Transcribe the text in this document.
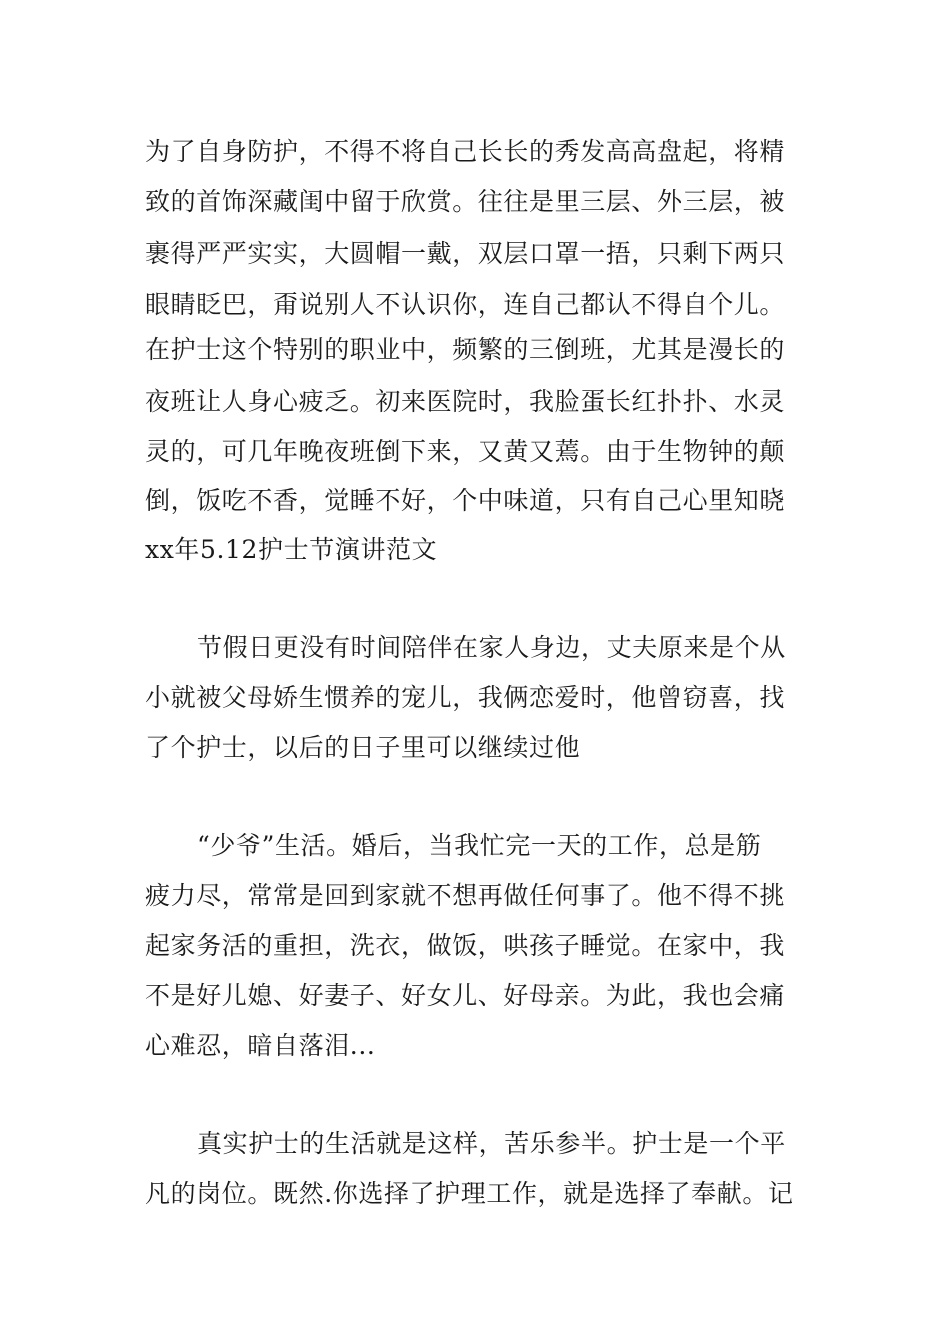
为了自身防护，不得不将自己长长的秀发高高盘起，将精

致的首饰深藏闺中留于欣赏。往往是里三层、外三层，被

裹得严严实实，大圆帽一戴，双层口罩一捂，只剩下两只

眼睛眨巴，甭说别人不认识你，连自己都认不得自个儿。

在护士这个特别的职业中，频繁的三倒班，尤其是漫长的

夜班让人身心疲乏。初来医院时，我脸蛋长红扑扑、水灵

灵的，可几年晚夜班倒下来，又黄又蔫。由于生物钟的颠

倒，饭吃不香，觉睡不好，个中味道，只有自己心里知晓

xx年5.12护士节演讲范文

节假日更没有时间陪伴在家人身边，丈夫原来是个从

小就被父母娇生惯养的宠儿，我俩恋爱时，他曾窃喜，找

了个护士，以后的日子里可以继续过他

“少爷”生活。婚后，当我忙完一天的工作，总是筋

疲力尽，常常是回到家就不想再做任何事了。他不得不挑

起家务活的重担，洗衣，做饭，哄孩子睡觉。在家中，我

不是好儿媳、好妻子、好女儿、好母亲。为此，我也会痛

心难忍，暗自落泪...

真实护士的生活就是这样，苦乐参半。护士是一个平

凡的岗位。既然.你选择了护理工作，就是选择了奉献。记
